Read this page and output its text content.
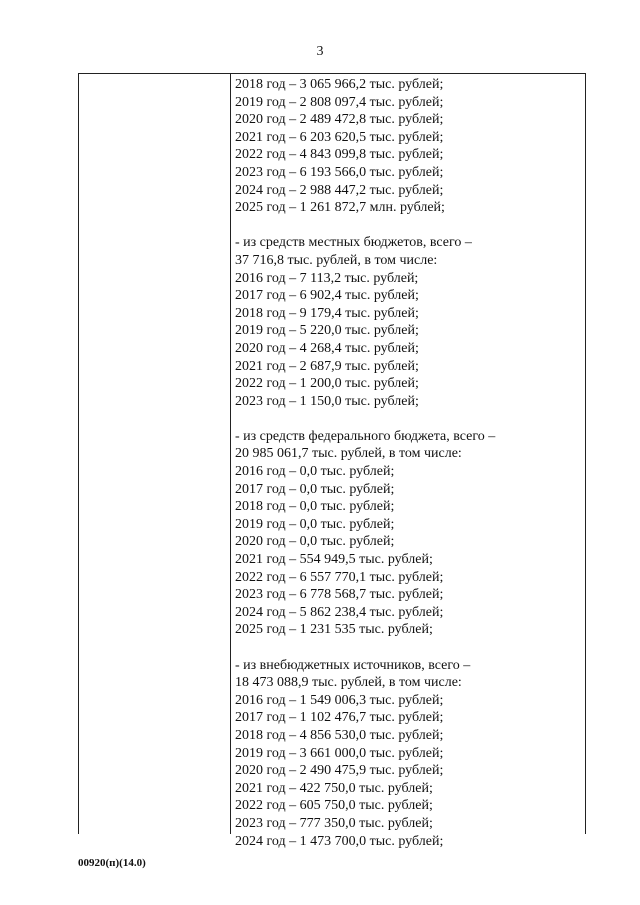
3
2018 год – 3 065 966,2 тыс. рублей;
2019 год – 2 808 097,4 тыс. рублей;
2020 год – 2 489 472,8 тыс. рублей;
2021 год – 6 203 620,5 тыс. рублей;
2022 год – 4 843 099,8 тыс. рублей;
2023 год – 6 193 566,0 тыс. рублей;
2024 год – 2 988 447,2 тыс. рублей;
2025 год – 1 261 872,7 млн. рублей;
- из средств местных бюджетов, всего –
37 716,8 тыс. рублей, в том числе:
2016 год – 7 113,2 тыс. рублей;
2017 год – 6 902,4 тыс. рублей;
2018 год – 9 179,4 тыс. рублей;
2019 год – 5 220,0 тыс. рублей;
2020 год – 4 268,4 тыс. рублей;
2021 год – 2 687,9 тыс. рублей;
2022 год – 1 200,0 тыс. рублей;
2023 год – 1 150,0 тыс. рублей;
- из средств федерального бюджета, всего –
20 985 061,7 тыс. рублей, в том числе:
2016 год – 0,0 тыс. рублей;
2017 год – 0,0 тыс. рублей;
2018 год – 0,0 тыс. рублей;
2019 год – 0,0 тыс. рублей;
2020 год – 0,0 тыс. рублей;
2021 год – 554 949,5 тыс. рублей;
2022 год – 6 557 770,1 тыс. рублей;
2023 год – 6 778 568,7 тыс. рублей;
2024 год – 5 862 238,4 тыс. рублей;
2025 год – 1 231 535 тыс. рублей;
- из внебюджетных источников, всего –
18 473 088,9 тыс. рублей, в том числе:
2016 год – 1 549 006,3 тыс. рублей;
2017 год – 1 102 476,7 тыс. рублей;
2018 год – 4 856 530,0 тыс. рублей;
2019 год – 3 661 000,0 тыс. рублей;
2020 год – 2 490 475,9 тыс. рублей;
2021 год – 422 750,0 тыс. рублей;
2022 год – 605 750,0 тыс. рублей;
2023 год – 777 350,0 тыс. рублей;
2024 год – 1 473 700,0 тыс. рублей;
00920(п)(14.0)
